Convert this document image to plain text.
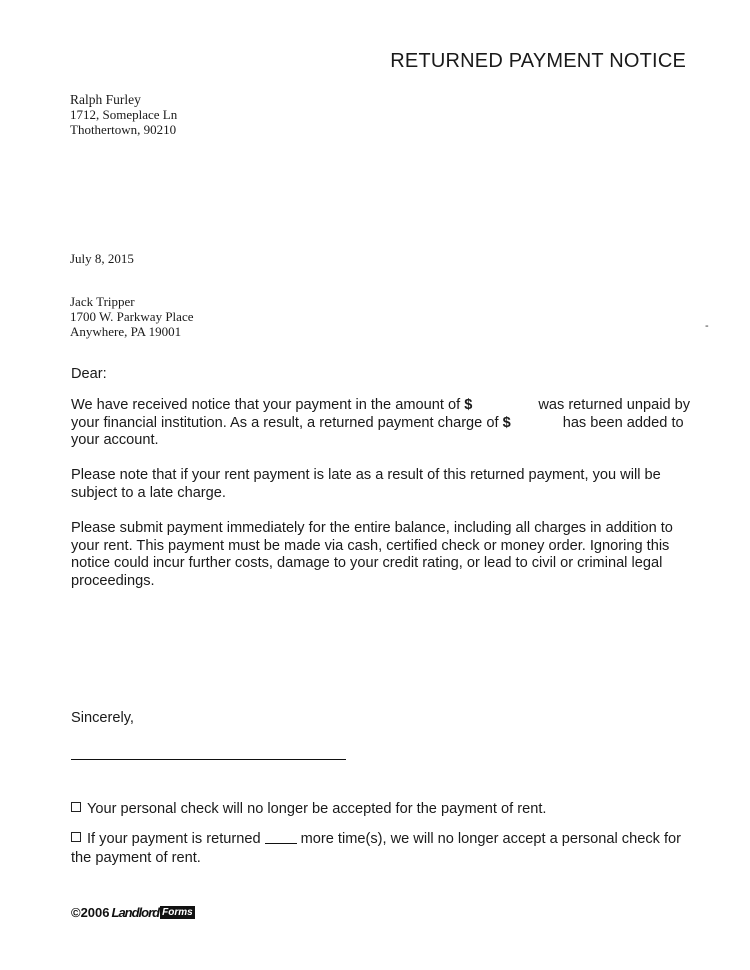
RETURNED PAYMENT NOTICE
Ralph Furley
1712, Someplace Ln
Thothertown, 90210
July 8, 2015
Jack Tripper
1700 W. Parkway Place
Anywhere, PA 19001	-
Dear:
We have received notice that your payment in the amount of $	was returned unpaid by your financial institution. As a result, a returned payment charge of $	has been added to your account.
Please note that if your rent payment is late as a result of this returned payment, you will be subject to a late charge.
Please submit payment immediately for the entire balance, including all charges in addition to your rent. This payment must be made via cash, certified check or money order. Ignoring this notice could incur further costs, damage to your credit rating, or lead to civil or criminal legal proceedings.
Sincerely,
Your personal check will no longer be accepted for the payment of rent.
If your payment is returned	more time(s), we will no longer accept a personal check for the payment of rent.
©2006 Landlord Forms
